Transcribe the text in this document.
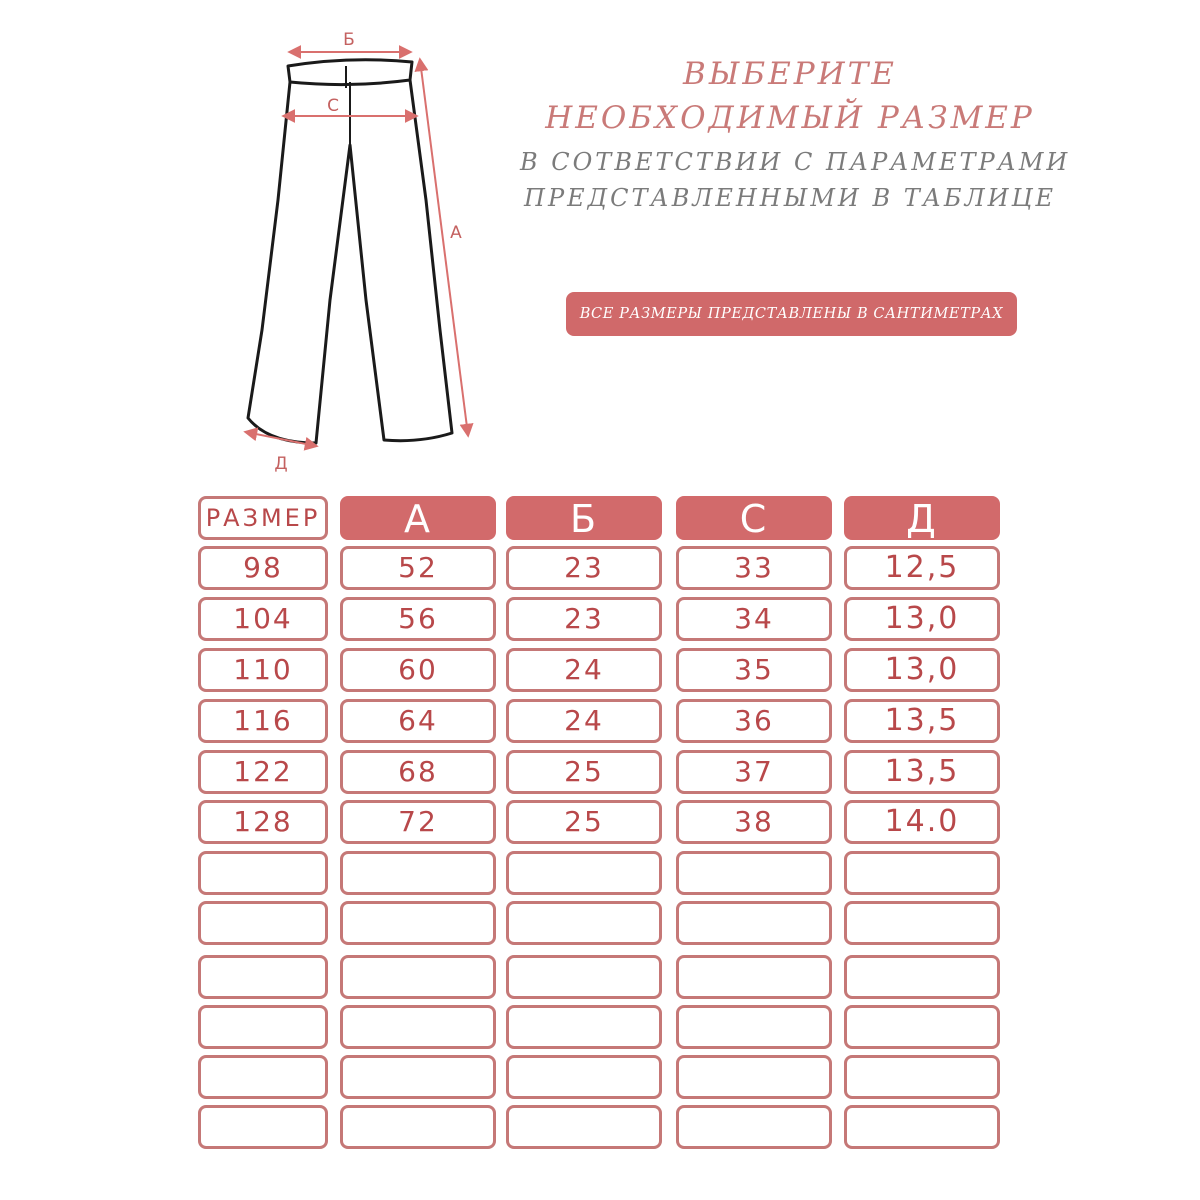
Б
С
А
Д
ВЫБЕРИТЕ
НЕОБХОДИМЫЙ РАЗМЕР
В СОТВЕТСТВИИ С ПАРАМЕТРАМИ
ПРЕДСТАВЛЕННЫМИ В ТАБЛИЦЕ
ВСЕ РАЗМЕРЫ ПРЕДСТАВЛЕНЫ В САНТИМЕТРАХ
РАЗМЕР	А	Б	С	Д
98	52	23	33	12,5
104	56	23	34	13,0
110	60	24	35	13,0
116	64	24	36	13,5
122	68	25	37	13,5
128	72	25	38	14.0
